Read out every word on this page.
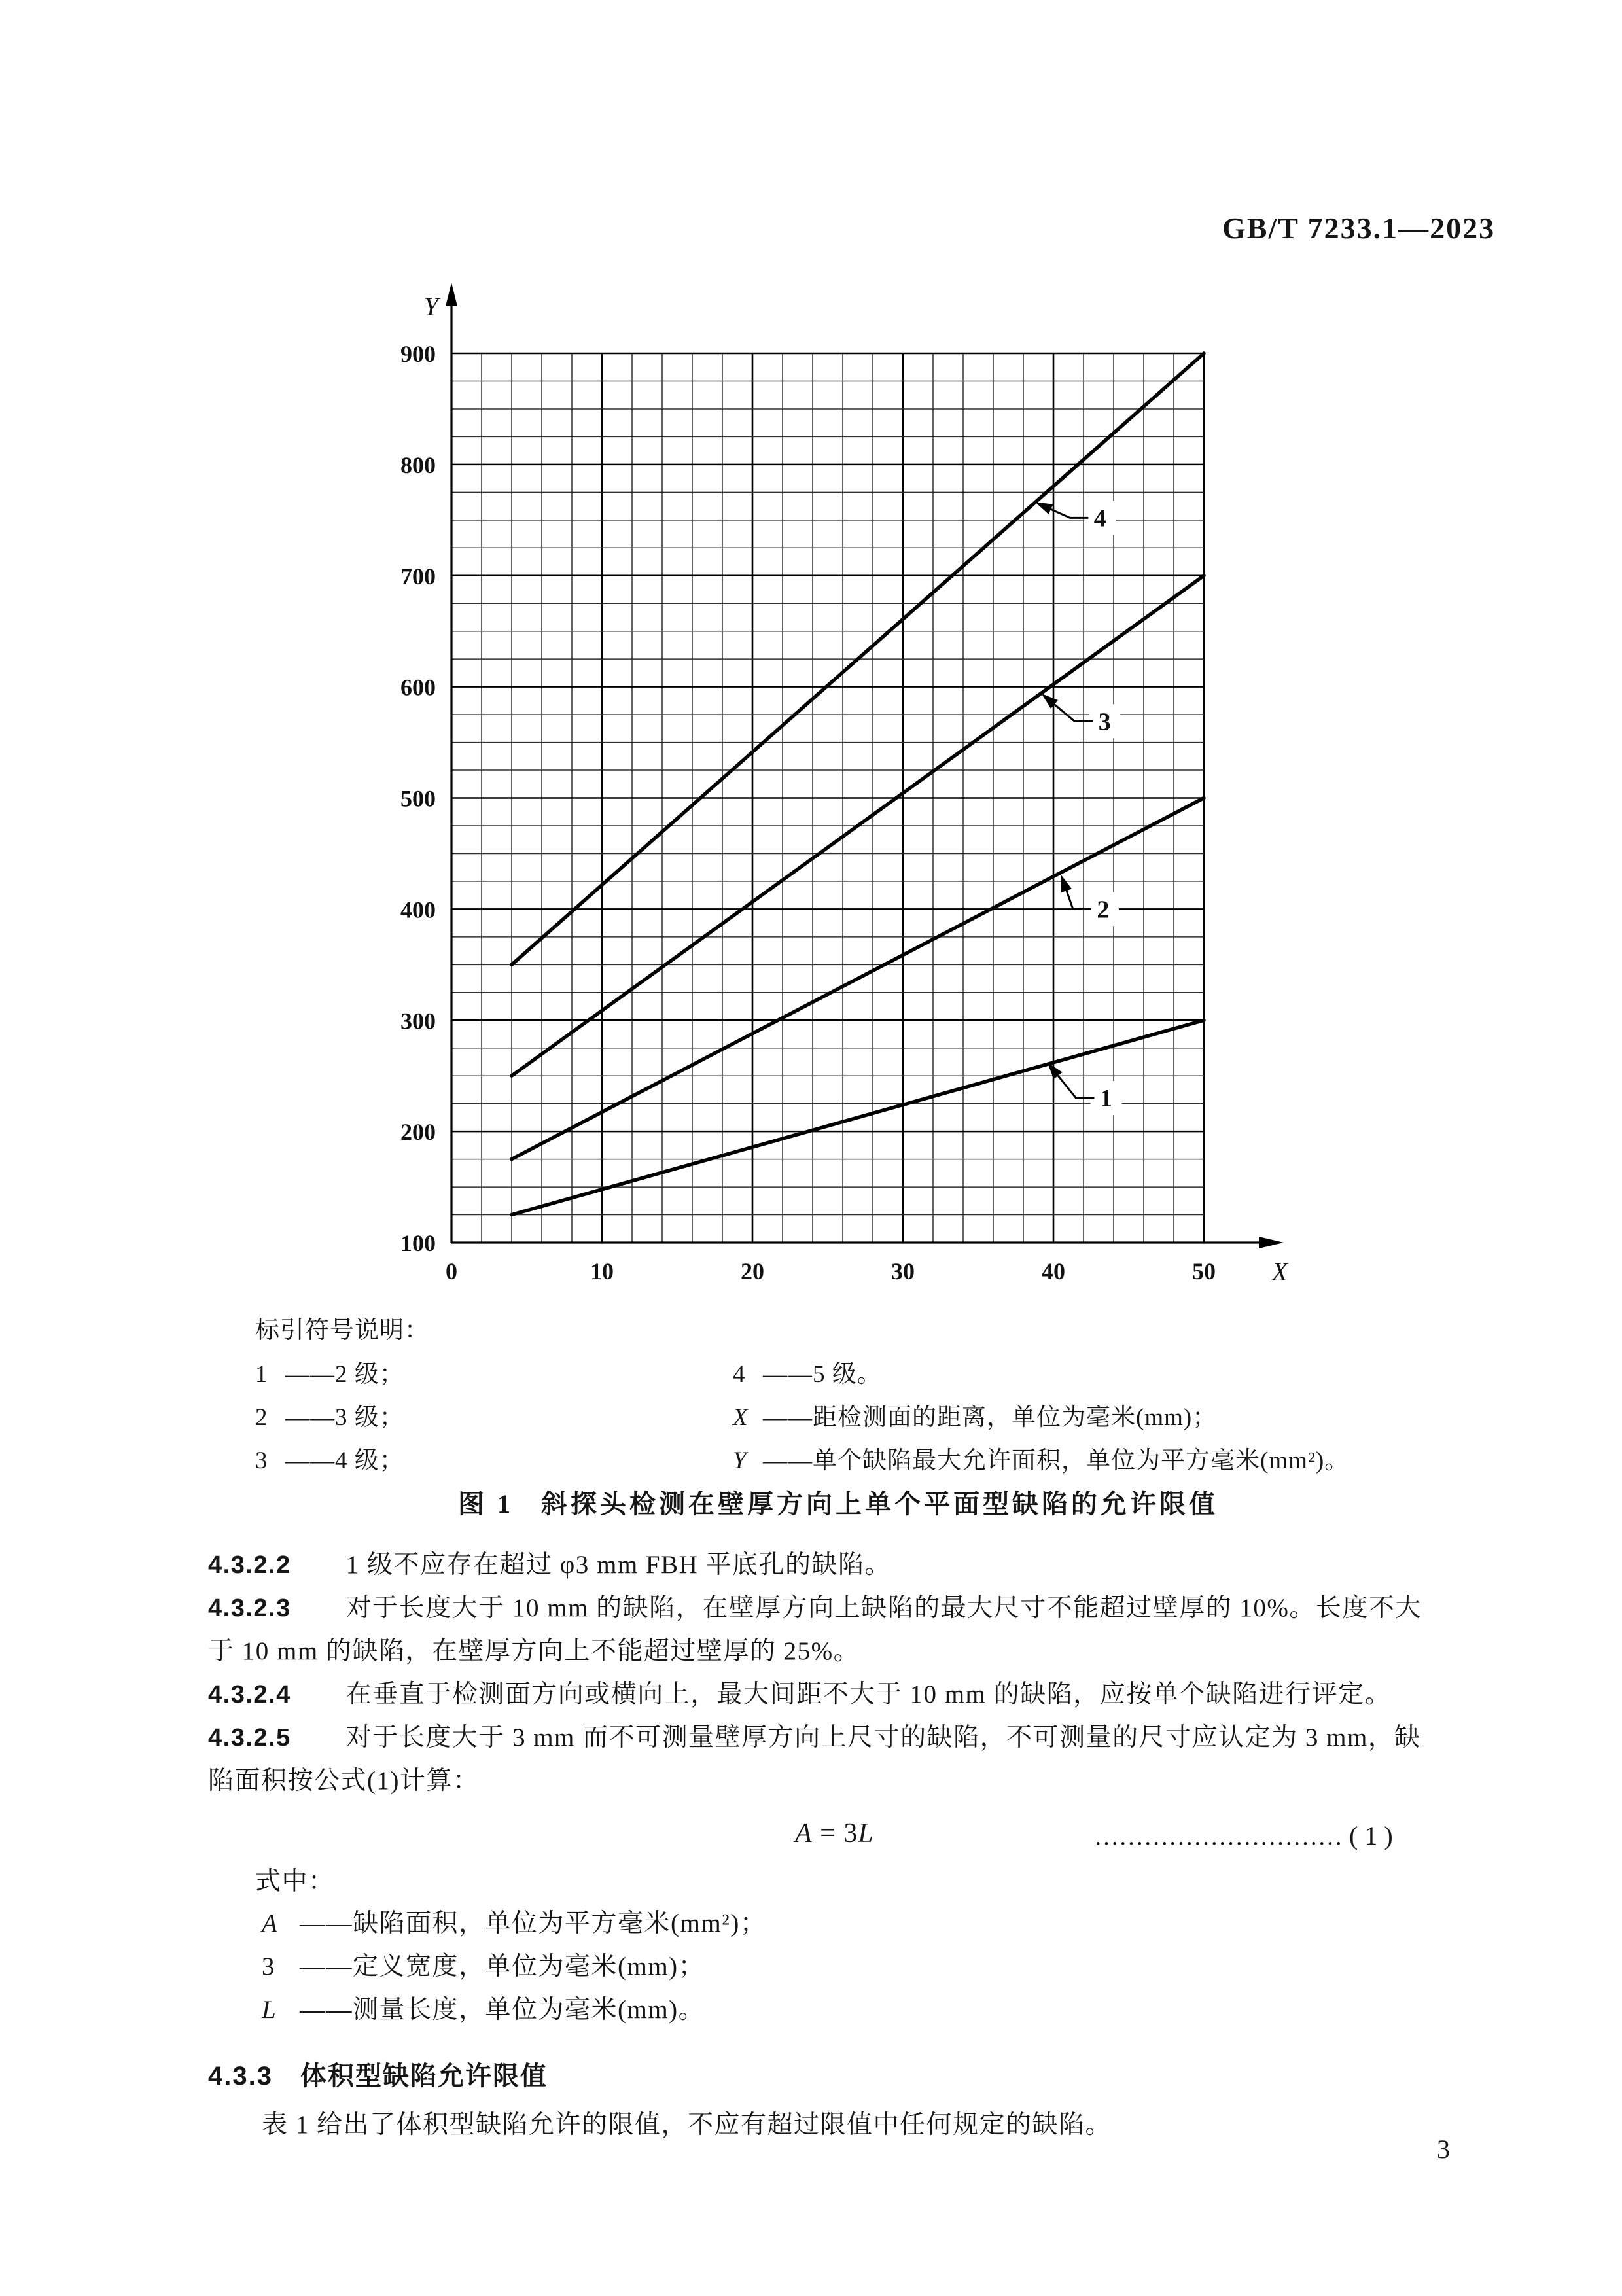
GB/T 7233.1—2023
100
200
300
400
500
600
700
800
900
0	10	20	30	40	50
Y
X
1
2
3
4
标引符号说明：
1 ——2 级；
2 ——3 级；
3 ——4 级；
4 ——5 级。
X ——距检测面的距离，单位为毫米(mm)；
Y ——单个缺陷最大允许面积，单位为平方毫米(mm²)。
图 1 斜探头检测在壁厚方向上单个平面型缺陷的允许限值
4.3.2.2 1 级不应存在超过 φ3 mm FBH 平底孔的缺陷。
4.3.2.3 对于长度大于 10 mm 的缺陷，在壁厚方向上缺陷的最大尺寸不能超过壁厚的 10%。长度不大
于 10 mm 的缺陷，在壁厚方向上不能超过壁厚的 25%。
4.3.2.4 在垂直于检测面方向或横向上，最大间距不大于 10 mm 的缺陷，应按单个缺陷进行评定。
4.3.2.5 对于长度大于 3 mm 而不可测量壁厚方向上尺寸的缺陷，不可测量的尺寸应认定为 3 mm，缺
陷面积按公式(1)计算：
A = 3L	………………………… ( 1 )
式中：
A ——缺陷面积，单位为平方毫米(mm²)；
3 ——定义宽度，单位为毫米(mm)；
L ——测量长度，单位为毫米(mm)。
4.3.3 体积型缺陷允许限值
表 1 给出了体积型缺陷允许的限值，不应有超过限值中任何规定的缺陷。
3
